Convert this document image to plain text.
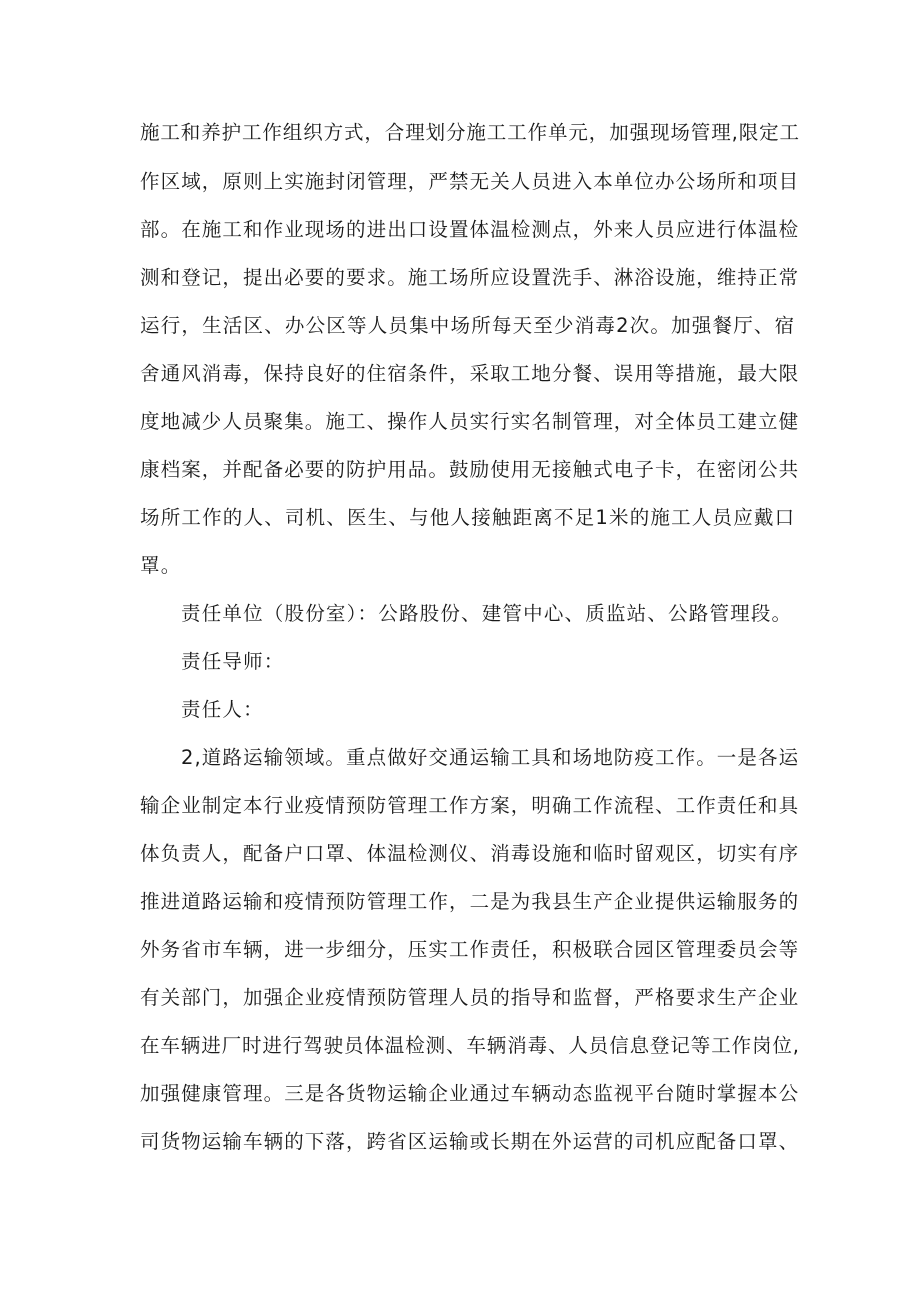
施工和养护工作组织方式，合理划分施工工作单元，加强现场管理,限定工
作区域，原则上实施封闭管理，严禁无关人员进入本单位办公场所和项目
部。在施工和作业现场的进出口设置体温检测点，外来人员应进行体温检
测和登记，提出必要的要求。施工场所应设置洗手、淋浴设施，维持正常
运行，生活区、办公区等人员集中场所每天至少消毒2次。加强餐厅、宿
舍通风消毒，保持良好的住宿条件，采取工地分餐、误用等措施，最大限
度地减少人员聚集。施工、操作人员实行实名制管理，对全体员工建立健
康档案，并配备必要的防护用品。鼓励使用无接触式电子卡，在密闭公共
场所工作的人、司机、医生、与他人接触距离不足1米的施工人员应戴口
罩。
责任单位（股份室）：公路股份、建管中心、质监站、公路管理段。
责任导师：
责任人：
2,道路运输领域。重点做好交通运输工具和场地防疫工作。一是各运
输企业制定本行业疫情预防管理工作方案，明确工作流程、工作责任和具
体负责人，配备户口罩、体温检测仪、消毒设施和临时留观区，切实有序
推进道路运输和疫情预防管理工作，二是为我县生产企业提供运输服务的
外务省市车辆，进一步细分，压实工作责任，积极联合园区管理委员会等
有关部门，加强企业疫情预防管理人员的指导和监督，严格要求生产企业
在车辆进厂时进行驾驶员体温检测、车辆消毒、人员信息登记等工作岗位,
加强健康管理。三是各货物运输企业通过车辆动态监视平台随时掌握本公
司货物运输车辆的下落，跨省区运输或长期在外运营的司机应配备口罩、
